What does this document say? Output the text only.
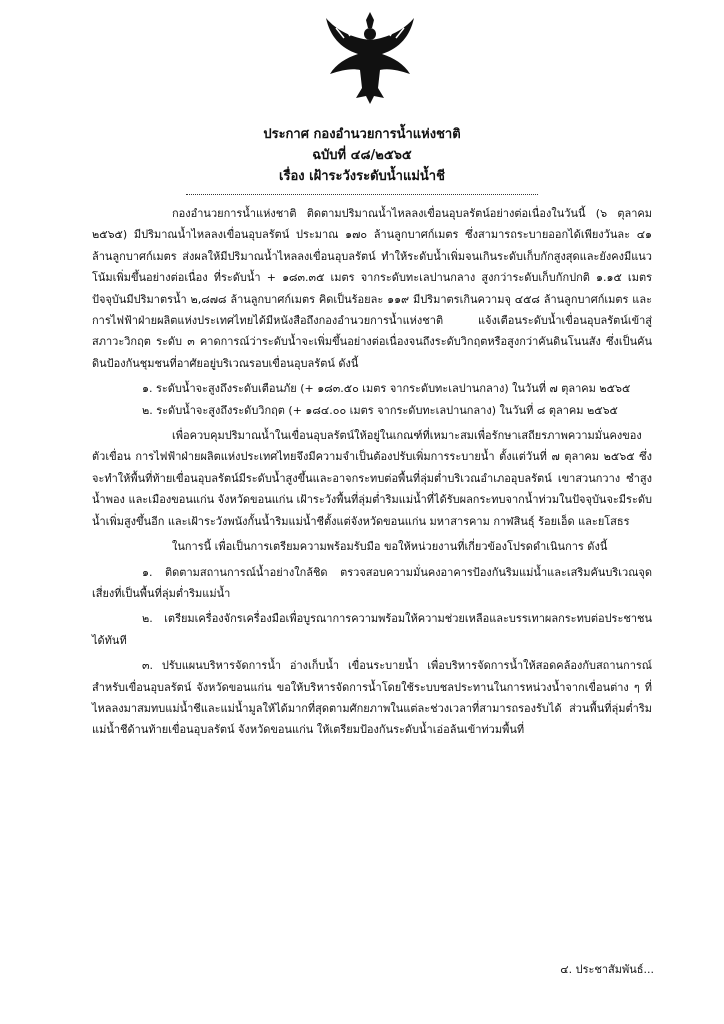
ประกาศ กองอำนวยการน้ำแห่งชาติ
ฉบับที่ ๔๘/๒๕๖๕
เรื่อง เฝ้าระวังระดับน้ำแม่น้ำชี

กองอำนวยการน้ำแห่งชาติ ติดตามปริมาณน้ำไหลลงเขื่อนอุบลรัตน์อย่างต่อเนื่องในวันนี้ (๖ ตุลาคม ๒๕๖๕) มีปริมาณน้ำไหลลงเขื่อนอุบลรัตน์ ประมาณ ๑๗๐ ล้านลูกบาศก์เมตร ซึ่งสามารถระบายออกได้เพียงวันละ ๔๑ ล้านลูกบาศก์เมตร ส่งผลให้มีปริมาณน้ำไหลลงเขื่อนอุบลรัตน์ ทำให้ระดับน้ำเพิ่มจนเกินระดับเก็บกักสูงสุดและยังคงมีแนวโน้มเพิ่มขึ้นอย่างต่อเนื่อง ที่ระดับน้ำ + ๑๘๓.๓๕ เมตร จากระดับทะเลปานกลาง สูงกว่าระดับเก็บกักปกติ ๑.๑๕ เมตร ปัจจุบันมีปริมาตรน้ำ ๒,๘๗๘ ล้านลูกบาศก์เมตร คิดเป็นร้อยละ ๑๑๙ มีปริมาตรเกินความจุ ๔๕๘ ล้านลูกบาศก์เมตร และการไฟฟ้าฝ่ายผลิตแห่งประเทศไทยได้มีหนังสือถึงกองอำนวยการน้ำแห่งชาติ แจ้งเตือนระดับน้ำเขื่อนอุบลรัตน์เข้าสู่สภาวะวิกฤต ระดับ ๓ คาดการณ์ว่าระดับน้ำจะเพิ่มขึ้นอย่างต่อเนื่องจนถึงระดับวิกฤตหรือสูงกว่าคันดินโนนสัง ซึ่งเป็นคันดินป้องกันชุมชนที่อาศัยอยู่บริเวณรอบเขื่อนอุบลรัตน์ ดังนี้

๑. ระดับน้ำจะสูงถึงระดับเตือนภัย (+ ๑๘๓.๕๐ เมตร จากระดับทะเลปานกลาง) ในวันที่ ๗ ตุลาคม ๒๕๖๕

๒. ระดับน้ำจะสูงถึงระดับวิกฤต (+ ๑๘๔.๐๐ เมตร จากระดับทะเลปานกลาง) ในวันที่ ๘ ตุลาคม ๒๕๖๕

เพื่อควบคุมปริมาณน้ำในเขื่อนอุบลรัตน์ให้อยู่ในเกณฑ์ที่เหมาะสมเพื่อรักษาเสถียรภาพความมั่นคงของตัวเขื่อน การไฟฟ้าฝ่ายผลิตแห่งประเทศไทยจึงมีความจำเป็นต้องปรับเพิ่มการระบายน้ำ ตั้งแต่วันที่ ๗ ตุลาคม ๒๕๖๕ ซึ่งจะทำให้พื้นที่ท้ายเขื่อนอุบลรัตน์มีระดับน้ำสูงขึ้นและอาจกระทบต่อพื้นที่ลุ่มต่ำบริเวณอำเภออุบลรัตน์ เขาสวนกวาง ซำสูง น้ำพอง และเมืองขอนแก่น จังหวัดขอนแก่น เฝ้าระวังพื้นที่ลุ่มต่ำริมแม่น้ำที่ได้รับผลกระทบจากน้ำท่วมในปัจจุบันจะมีระดับน้ำเพิ่มสูงขึ้นอีก และเฝ้าระวังพนังกั้นน้ำริมแม่น้ำชีตั้งแต่จังหวัดขอนแก่น มหาสารคาม กาฬสินธุ์ ร้อยเอ็ด และยโสธร

ในการนี้ เพื่อเป็นการเตรียมความพร้อมรับมือ ขอให้หน่วยงานที่เกี่ยวข้องโปรดดำเนินการ ดังนี้

๑. ติดตามสถานการณ์น้ำอย่างใกล้ชิด ตรวจสอบความมั่นคงอาคารป้องกันริมแม่น้ำและเสริมคันบริเวณจุดเสี่ยงที่เป็นพื้นที่ลุ่มต่ำริมแม่น้ำ

๒. เตรียมเครื่องจักรเครื่องมือเพื่อบูรณาการความพร้อมให้ความช่วยเหลือและบรรเทาผลกระทบต่อประชาชนได้ทันที

๓. ปรับแผนบริหารจัดการน้ำ อ่างเก็บน้ำ เขื่อนระบายน้ำ เพื่อบริหารจัดการน้ำให้สอดคล้องกับสถานการณ์ สำหรับเขื่อนอุบลรัตน์ จังหวัดขอนแก่น ขอให้บริหารจัดการน้ำโดยใช้ระบบชลประทานในการหน่วงน้ำจากเขื่อนต่าง ๆ ที่ไหลลงมาสมทบแม่น้ำชีและแม่น้ำมูลให้ได้มากที่สุดตามศักยภาพในแต่ละช่วงเวลาที่สามารถรองรับได้ ส่วนพื้นที่ลุ่มต่ำริมแม่น้ำชีด้านท้ายเขื่อนอุบลรัตน์ จังหวัดขอนแก่น ให้เตรียมป้องกันระดับน้ำเอ่อล้นเข้าท่วมพื้นที่

๔. ประชาสัมพันธ์...
